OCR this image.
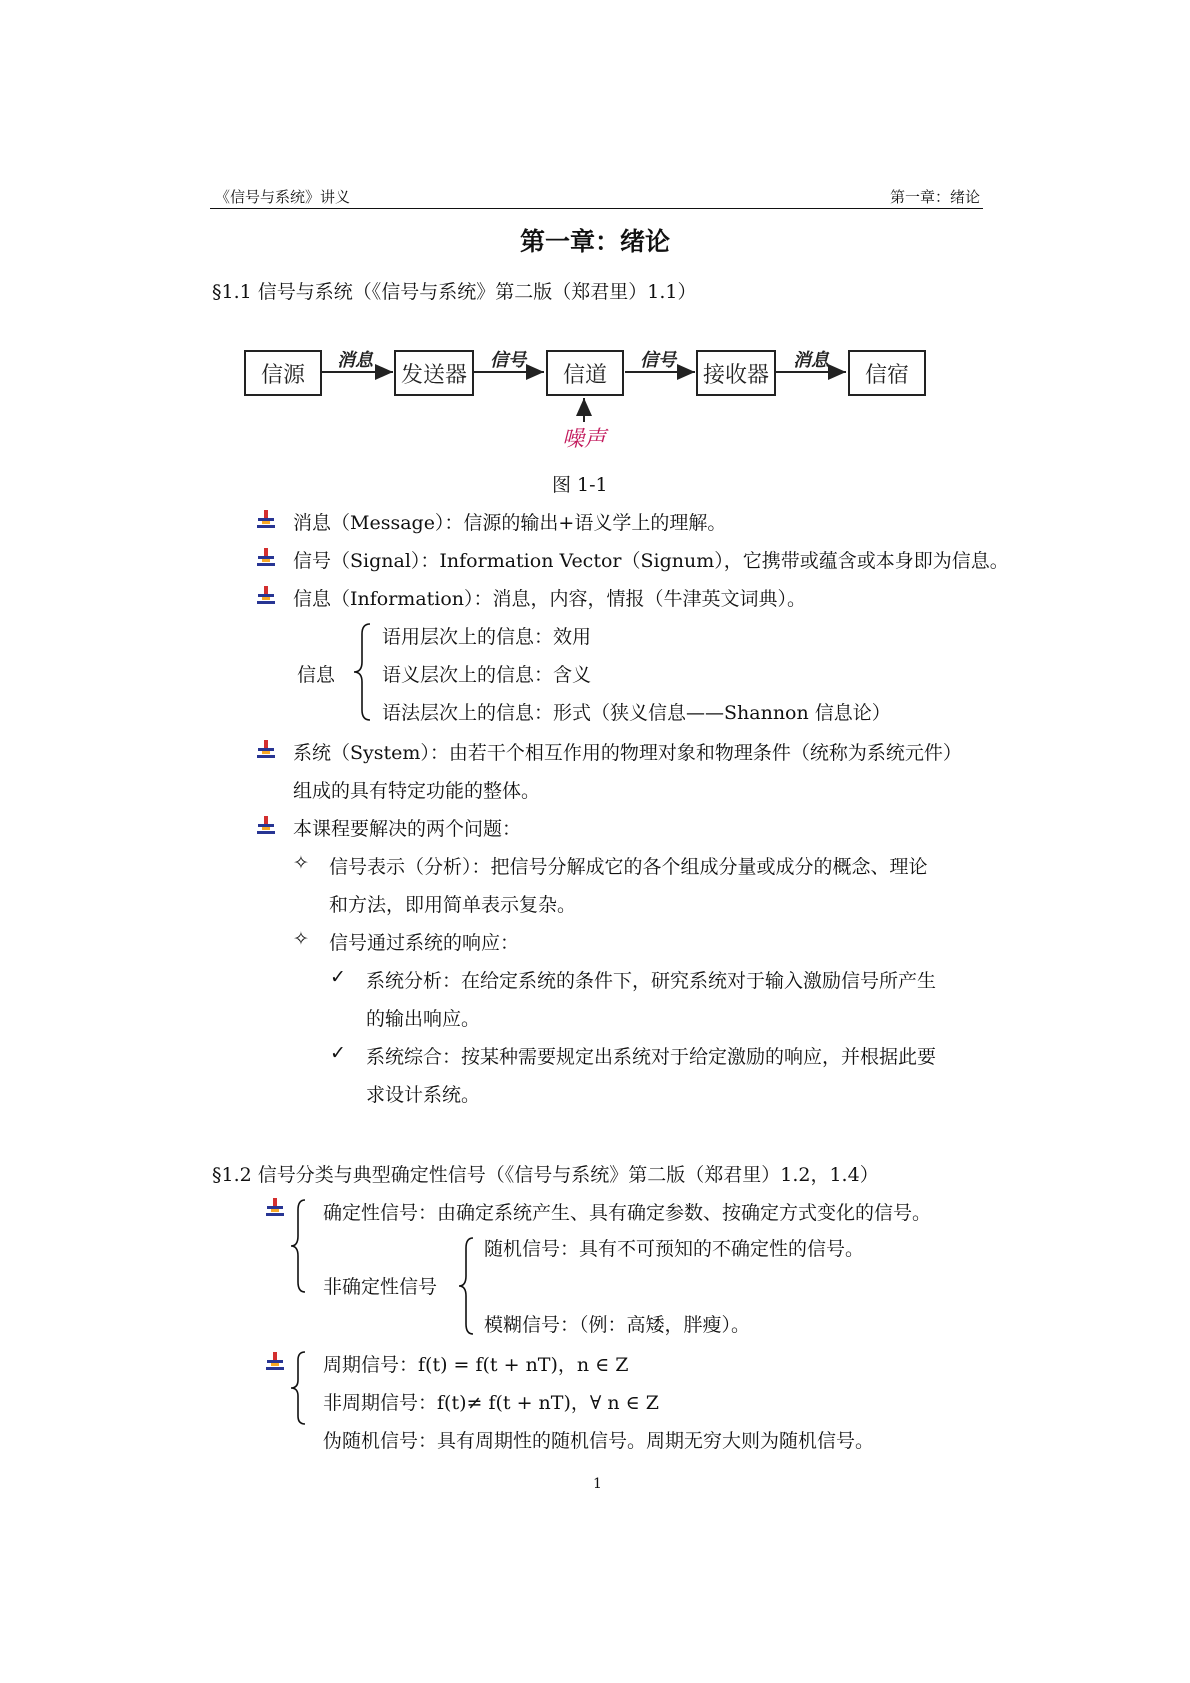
《信号与系统》讲义	第一章：绪论
第一章：绪论
§1.1 信号与系统（《信号与系统》第二版（郑君里）1.1）
信源	发送器	信道	接收器	信宿
消息	信号	信号	消息
噪声
图 1-1
消息（Message）：信源的输出+语义学上的理解。
信号（Signal）：Information Vector（Signum），它携带或蕴含或本身即为信息。
信息（Information）：消息，内容，情报（牛津英文词典）。
信息
语用层次上的信息：效用
语义层次上的信息：含义
语法层次上的信息：形式（狭义信息——Shannon 信息论）
系统（System）：由若干个相互作用的物理对象和物理条件（统称为系统元件）
组成的具有特定功能的整体。
本课程要解决的两个问题：
✧ 信号表示（分析）：把信号分解成它的各个组成分量或成分的概念、理论
和方法，即用简单表示复杂。
✧ 信号通过系统的响应：
✓ 系统分析：在给定系统的条件下，研究系统对于输入激励信号所产生
的输出响应。
✓ 系统综合：按某种需要规定出系统对于给定激励的响应，并根据此要
求设计系统。
§1.2 信号分类与典型确定性信号（《信号与系统》第二版（郑君里）1.2，1.4）
确定性信号：由确定系统产生、具有确定参数、按确定方式变化的信号。
非确定性信号
随机信号：具有不可预知的不确定性的信号。
模糊信号：（例：高矮，胖瘦）。
周期信号：f(t) = f(t + nT)，n ∈ Z
非周期信号：f(t)≠ f(t + nT)，∀ n ∈ Z
伪随机信号：具有周期性的随机信号。周期无穷大则为随机信号。
1
